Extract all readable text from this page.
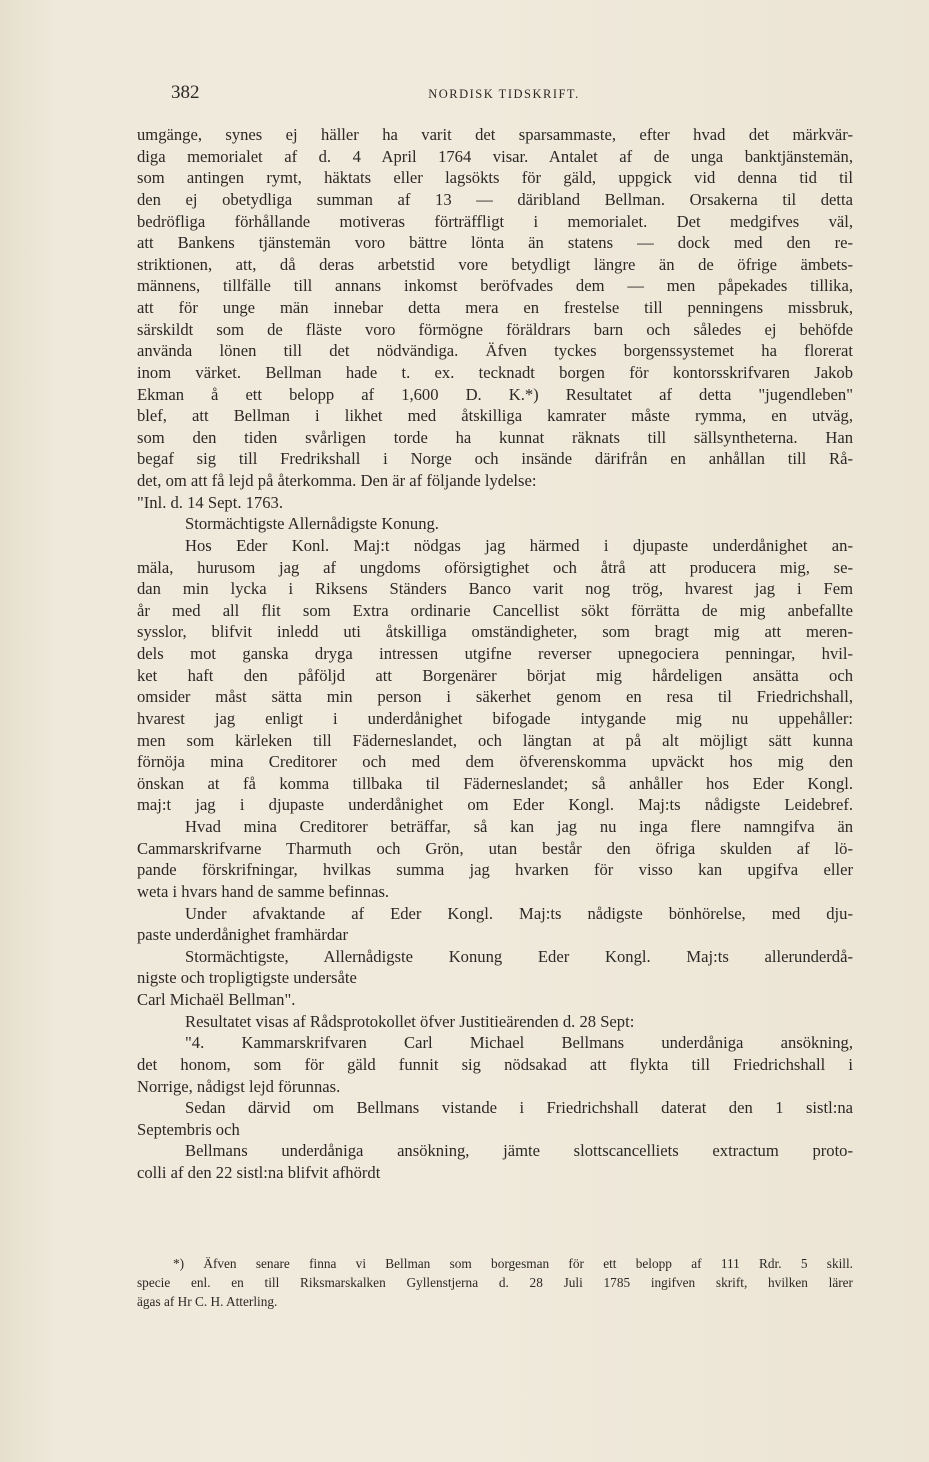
382	NORDISK TIDSKRIFT.
umgänge, synes ej häller ha varit det sparsammaste, efter hvad det märkvär-
diga memorialet af d. 4 April 1764 visar. Antalet af de unga banktjänstemän,
som antingen rymt, häktats eller lagsökts för gäld, uppgick vid denna tid til
den ej obetydliga summan af 13 — däribland Bellman. Orsakerna til detta
bedröfliga förhållande motiveras förträffligt i memorialet. Det medgifves väl,
att Bankens tjänstemän voro bättre lönta än statens — dock med den re-
striktionen, att, då deras arbetstid vore betydligt längre än de öfrige ämbets-
männens, tillfälle till annans inkomst beröfvades dem — men påpekades tillika,
att för unge män innebar detta mera en frestelse till penningens missbruk,
särskildt som de fläste voro förmögne föräldrars barn och således ej behöfde
använda lönen till det nödvändiga. Äfven tyckes borgenssystemet ha florerat
inom värket. Bellman hade t. ex. tecknadt borgen för kontorsskrifvaren Jakob
Ekman å ett belopp af 1,600 D. K.*) Resultatet af detta "jugendleben"
blef, att Bellman i likhet med åtskilliga kamrater måste rymma, en utväg,
som den tiden svårligen torde ha kunnat räknats till sällsyntheterna. Han
begaf sig till Fredrikshall i Norge och insände därifrån en anhållan till Rå-
det, om att få lejd på återkomma. Den är af följande lydelse:
"Inl. d. 14 Sept. 1763.
Stormächtigste Allernådigste Konung.
Hos Eder Konl. Maj:t nödgas jag härmed i djupaste underdånighet an-
mäla, hurusom jag af ungdoms oförsigtighet och åtrå att producera mig, se-
dan min lycka i Riksens Ständers Banco varit nog trög, hvarest jag i Fem
år med all flit som Extra ordinarie Cancellist sökt förrätta de mig anbefallte
sysslor, blifvit inledd uti åtskilliga omständigheter, som bragt mig att meren-
dels mot ganska dryga intressen utgifne reverser upnegociera penningar, hvil-
ket haft den påföljd att Borgenärer börjat mig hårdeligen ansätta och
omsider måst sätta min person i säkerhet genom en resa til Friedrichshall,
hvarest jag enligt i underdånighet bifogade intygande mig nu uppehåller:
men som kärleken till Fäderneslandet, och längtan at på alt möjligt sätt kunna
förnöja mina Creditorer och med dem öfverenskomma upväckt hos mig den
önskan at få komma tillbaka til Fäderneslandet; så anhåller hos Eder Kongl.
maj:t jag i djupaste underdånighet om Eder Kongl. Maj:ts nådigste Leidebref.
Hvad mina Creditorer beträffar, så kan jag nu inga flere namngifva än
Cammarskrifvarne Tharmuth och Grön, utan består den öfriga skulden af lö-
pande förskrifningar, hvilkas summa jag hvarken för visso kan upgifva eller
weta i hvars hand de samme befinnas.
Under afvaktande af Eder Kongl. Maj:ts nådigste bönhörelse, med dju-
paste underdånighet framhärdar
Stormächtigste, Allernådigste Konung Eder Kongl. Maj:ts allerunderdå-
nigste och tropligtigste undersåte
Carl Michaël Bellman".
Resultatet visas af Rådsprotokollet öfver Justitieärenden d. 28 Sept:
"4. Kammarskrifvaren Carl Michael Bellmans underdåniga ansökning,
det honom, som för gäld funnit sig nödsakad att flykta till Friedrichshall i
Norrige, nådigst lejd förunnas.
Sedan därvid om Bellmans vistande i Friedrichshall daterat den 1 sistl:na
Septembris och
Bellmans underdåniga ansökning, jämte slottscancelliets extractum proto-
colli af den 22 sistl:na blifvit afhördt
*) Äfven senare finna vi Bellman som borgesman för ett belopp af 111 Rdr. 5 skill.
specie enl. en till Riksmarskalken Gyllenstjerna d. 28 Juli 1785 ingifven skrift, hvilken lärer
ägas af Hr C. H. Atterling.
